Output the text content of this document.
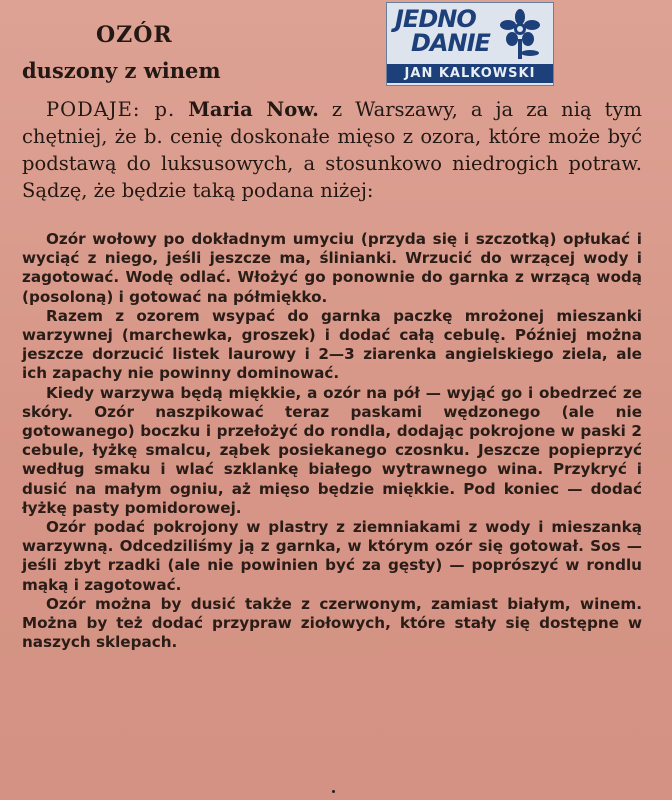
OZÓR
duszony z winem
JEDNO
DANIE
JAN KALKOWSKI
PODAJE: p. Maria Now. z Warszawy, a ja za nią tym chętniej, że b. cenię doskonałe mięso z ozora, które może być podstawą do luksusowych, a stosunkowo niedrogich potraw. Sądzę, że będzie taką podana niżej:

Ozór wołowy po dokładnym umyciu (przyda się i szczotką) opłukać i wyciąć z niego, jeśli jeszcze ma, ślinianki. Wrzucić do wrzącej wody i zagotować. Wodę odlać. Włożyć go ponownie do garnka z wrzącą wodą (posoloną) i gotować na półmiękko.

Razem z ozorem wsypać do garnka paczkę mrożonej mieszanki warzywnej (marchewka, groszek) i dodać całą cebulę. Później można jeszcze dorzucić listek laurowy i 2—3 ziarenka angielskiego ziela, ale ich zapachy nie powinny dominować.

Kiedy warzywa będą miękkie, a ozór na pół — wyjąć go i obedrzeć ze skóry. Ozór naszpikować teraz paskami wędzonego (ale nie gotowanego) boczku i przełożyć do rondla, dodając pokrojone w paski 2 cebule, łyżkę smalcu, ząbek posiekanego czosnku. Jeszcze popieprzyć według smaku i wlać szklankę białego wytrawnego wina. Przykryć i dusić na małym ogniu, aż mięso będzie miękkie. Pod koniec — dodać łyżkę pasty pomidorowej.

Ozór podać pokrojony w plastry z ziemniakami z wody i mieszanką warzywną. Odcedziliśmy ją z garnka, w którym ozór się gotował. Sos — jeśli zbyt rzadki (ale nie powinien być za gęsty) — poprószyć w rondlu mąką i zagotować.

Ozór można by dusić także z czerwonym, zamiast białym, winem. Można by też dodać przypraw ziołowych, które stały się dostępne w naszych sklepach.
